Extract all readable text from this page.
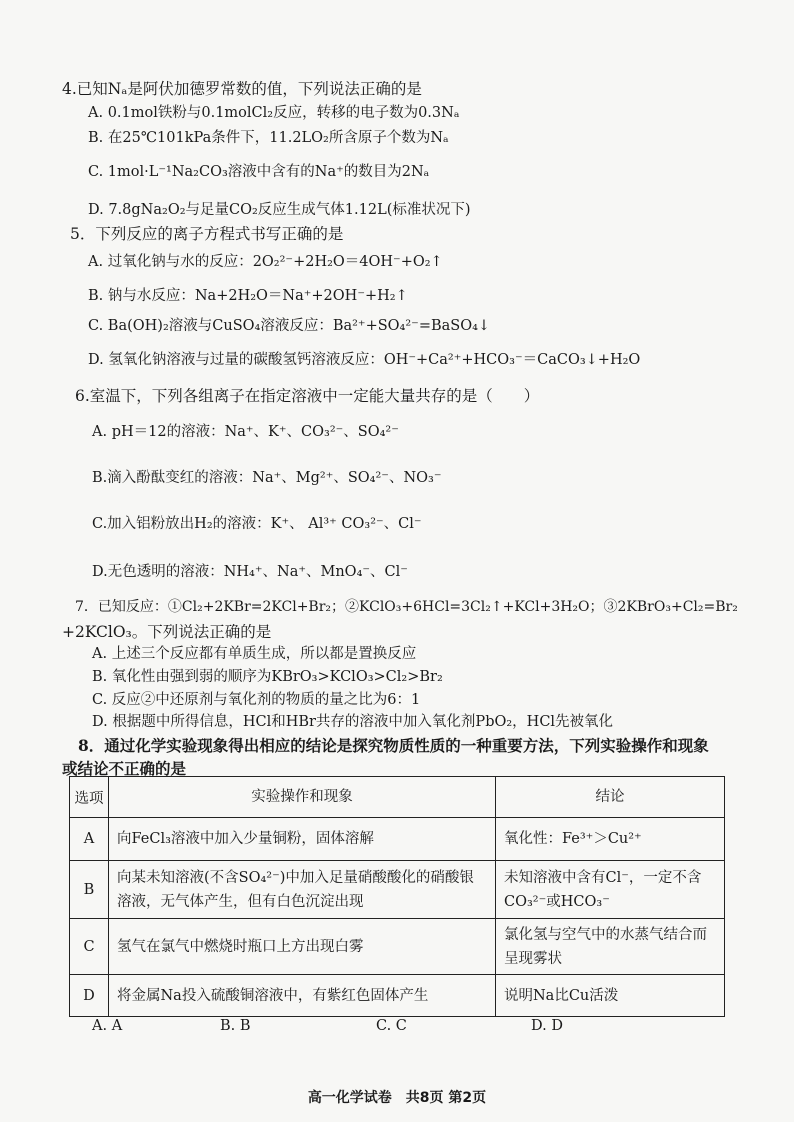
4.已知Nₐ是阿伏加德罗常数的值，下列说法正确的是
A. 0.1mol铁粉与0.1molCl₂反应，转移的电子数为0.3Nₐ
B. 在25℃101kPa条件下，11.2LO₂所含原子个数为Nₐ
C. 1mol·L⁻¹Na₂CO₃溶液中含有的Na⁺的数目为2Nₐ
D. 7.8gNa₂O₂与足量CO₂反应生成气体1.12L(标准状况下)
5．下列反应的离子方程式书写正确的是
A. 过氧化钠与水的反应：2O₂²⁻+2H₂O＝4OH⁻+O₂↑
B. 钠与水反应：Na+2H₂O＝Na⁺+2OH⁻+H₂↑
C. Ba(OH)₂溶液与CuSO₄溶液反应：Ba²⁺+SO₄²⁻=BaSO₄↓
D. 氢氧化钠溶液与过量的碳酸氢钙溶液反应：OH⁻+Ca²⁺+HCO₃⁻＝CaCO₃↓+H₂O
6.室温下，下列各组离子在指定溶液中一定能大量共存的是（　　）
A. pH＝12的溶液：Na⁺、K⁺、CO₃²⁻、SO₄²⁻
B.滴入酚酞变红的溶液：Na⁺、Mg²⁺、SO₄²⁻、NO₃⁻
C.加入铝粉放出H₂的溶液：K⁺、 Al³⁺ CO₃²⁻、Cl⁻
D.无色透明的溶液：NH₄⁺、Na⁺、MnO₄⁻、Cl⁻
7．已知反应：①Cl₂+2KBr=2KCl+Br₂；②KClO₃+6HCl=3Cl₂↑+KCl+3H₂O；③2KBrO₃+Cl₂=Br₂
+2KClO₃。下列说法正确的是
A. 上述三个反应都有单质生成，所以都是置换反应
B. 氧化性由强到弱的顺序为KBrO₃>KClO₃>Cl₂>Br₂
C. 反应②中还原剂与氧化剂的物质的量之比为6：1
D. 根据题中所得信息，HCl和HBr共存的溶液中加入氧化剂PbO₂，HCl先被氧化
8．通过化学实验现象得出相应的结论是探究物质性质的一种重要方法，下列实验操作和现象
或结论不正确的是
选项	实验操作和现象	结论
A	向FeCl₃溶液中加入少量铜粉，固体溶解	氧化性：Fe³⁺＞Cu²⁺
B	向某未知溶液(不含SO₄²⁻)中加入足量硝酸酸化的硝酸银溶液，无气体产生，但有白色沉淀出现	未知溶液中含有Cl⁻，一定不含CO₃²⁻或HCO₃⁻
C	氢气在氯气中燃烧时瓶口上方出现白雾	氯化氢与空气中的水蒸气结合而呈现雾状
D	将金属Na投入硫酸铜溶液中，有紫红色固体产生	说明Na比Cu活泼
A. A	B. B	C. C	D. D
高一化学试卷　共8页 第2页
